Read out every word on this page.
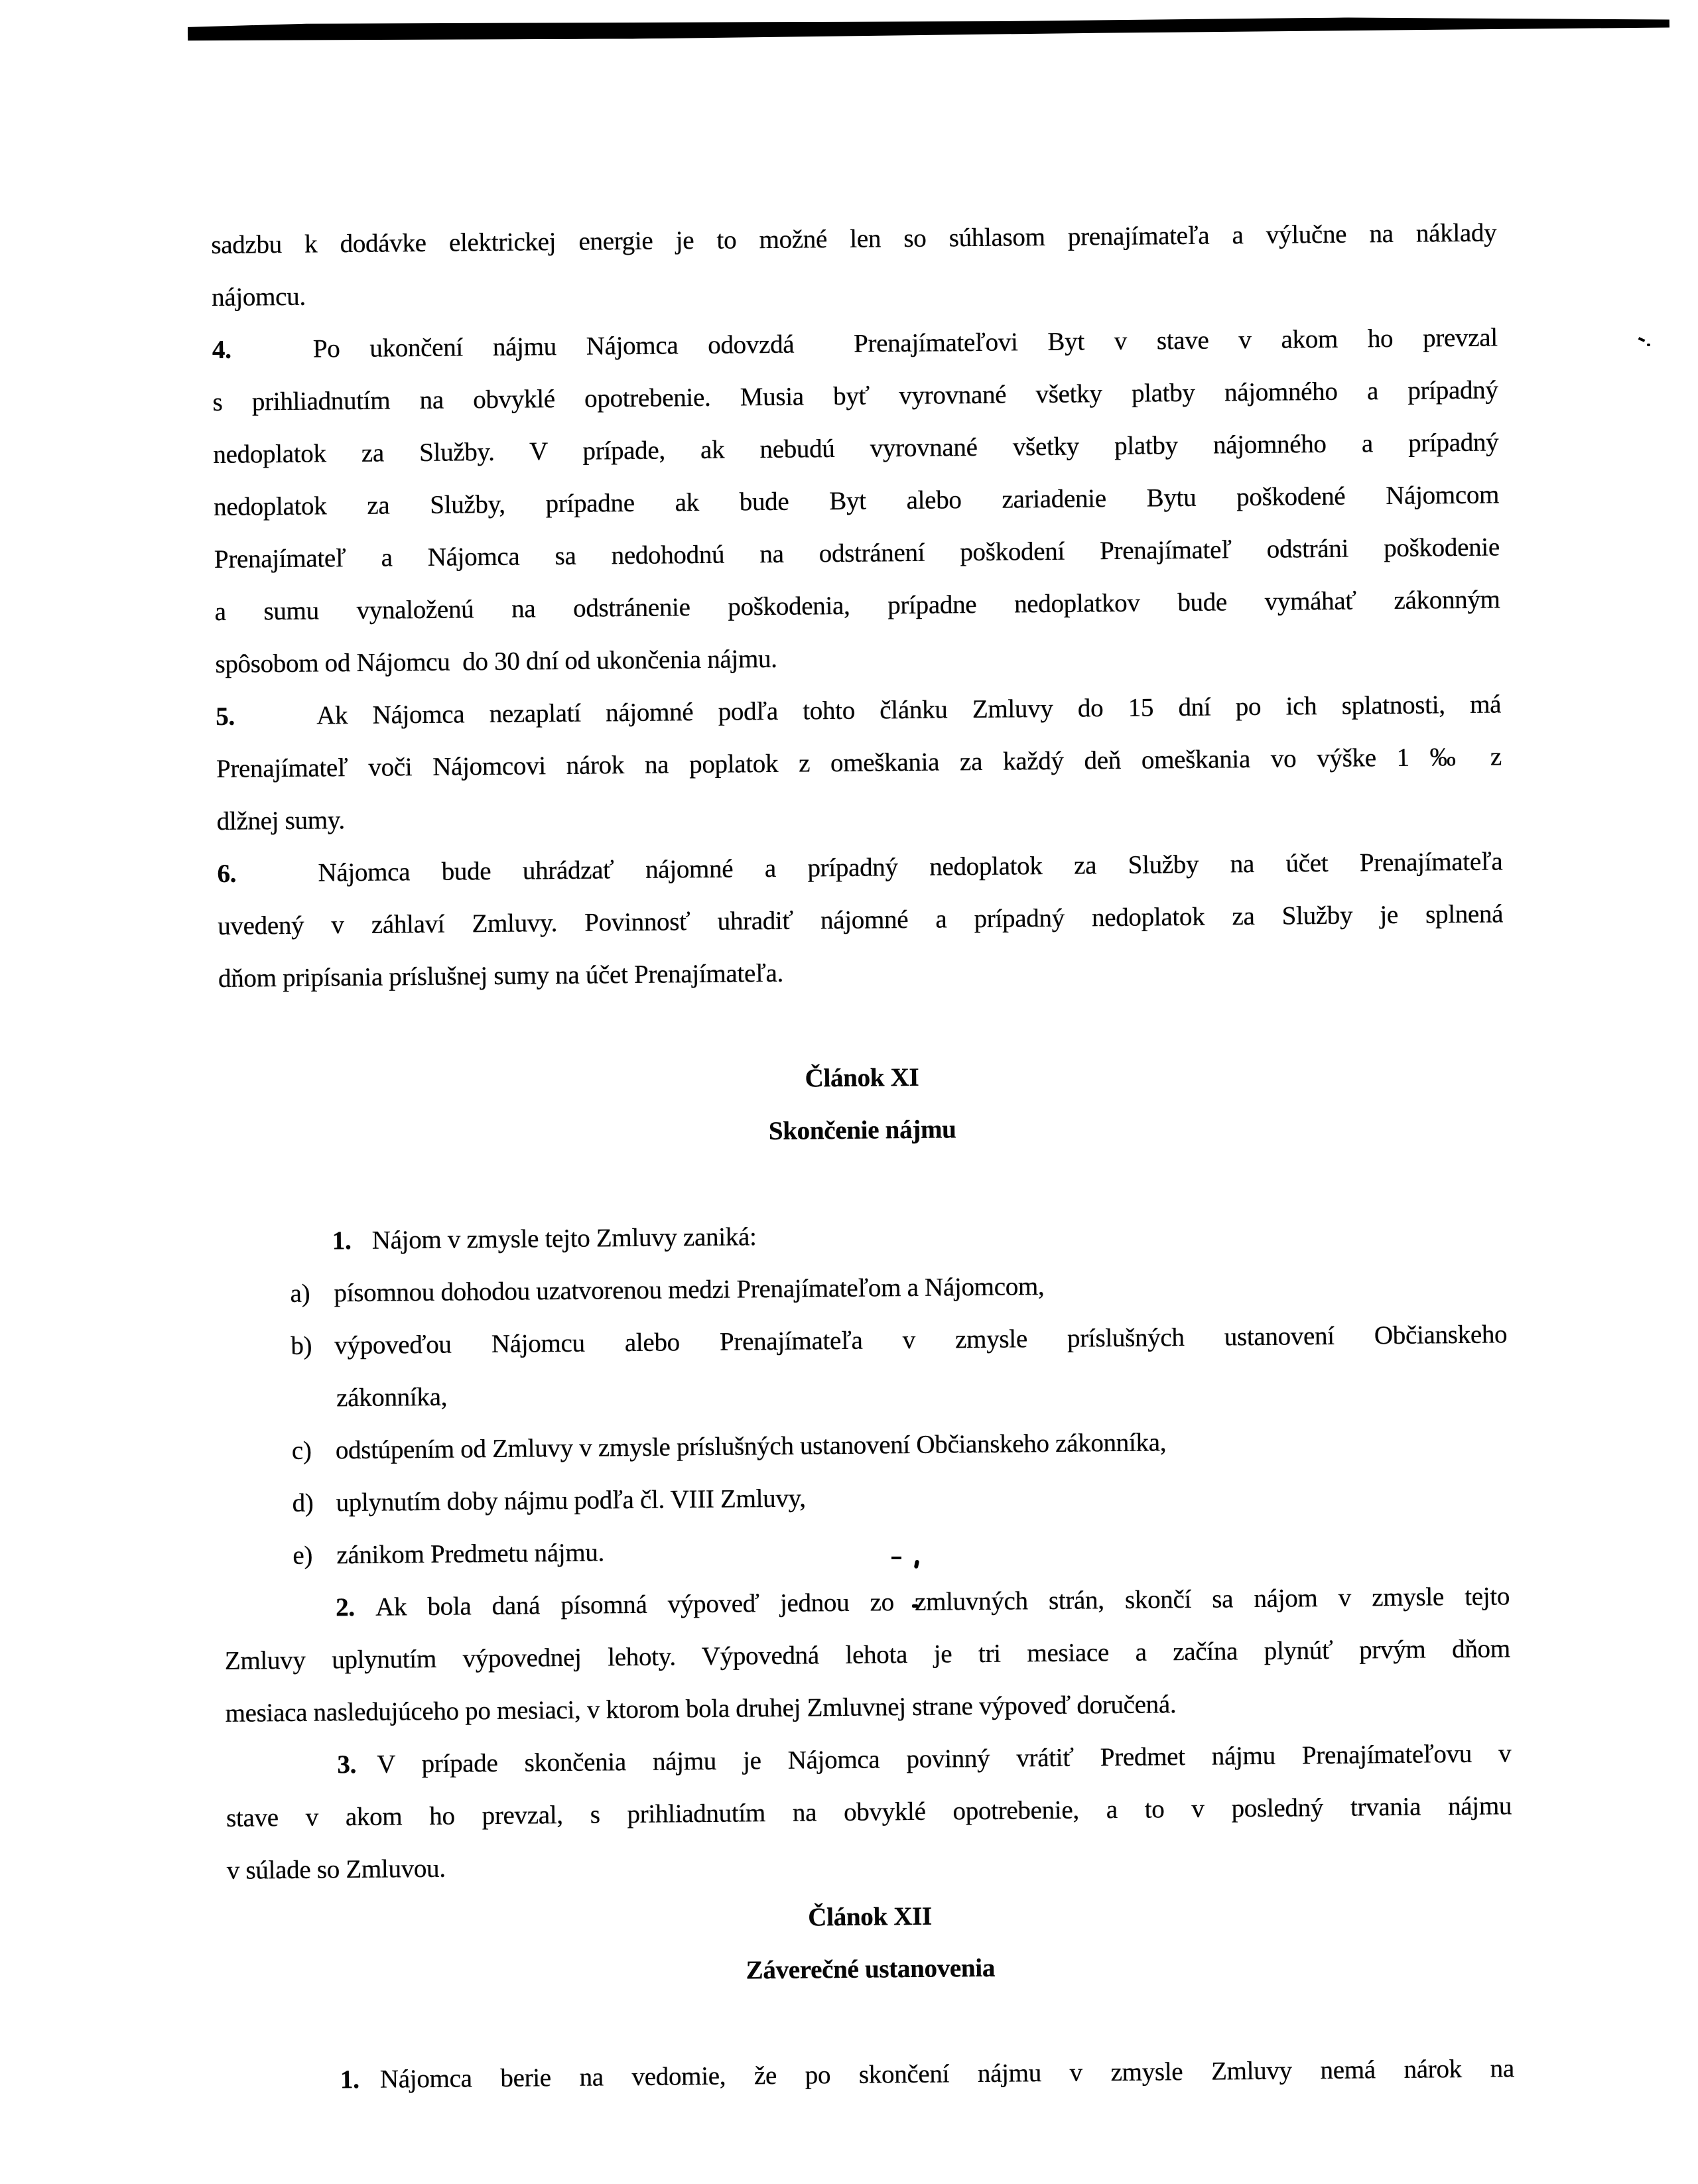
sadzbu k dodávke elektrickej energie je to možné len so súhlasom prenajímateľa a výlučne na náklady
nájomcu.
4.	Po ukončení nájmu Nájomca odovzdá  Prenajímateľovi Byt v stave v akom ho prevzal
s prihliadnutím na obvyklé opotrebenie. Musia byť vyrovnané všetky platby nájomného a prípadný
nedoplatok za Služby. V prípade, ak nebudú vyrovnané všetky platby nájomného a prípadný
nedoplatok za Služby, prípadne ak bude Byt alebo zariadenie Bytu poškodené Nájomcom
Prenajímateľ a Nájomca sa nedohodnú na odstránení poškodení Prenajímateľ odstráni poškodenie
a sumu vynaloženú na odstránenie poškodenia, prípadne nedoplatkov bude vymáhať zákonným
spôsobom od Nájomcu  do 30 dní od ukončenia nájmu.
5.	Ak Nájomca nezaplatí nájomné podľa tohto článku Zmluvy do 15 dní po ich splatnosti, má
Prenajímateľ voči Nájomcovi nárok na poplatok z omeškania za každý deň omeškania vo výške 1 ‰ z
dlžnej sumy.
6.	Nájomca bude uhrádzať nájomné a prípadný nedoplatok za Služby na účet Prenajímateľa
uvedený v záhlaví Zmluvy. Povinnosť uhradiť nájomné a prípadný nedoplatok za Služby je splnená
dňom pripísania príslušnej sumy na účet Prenajímateľa.
Článok XI
Skončenie nájmu
1. Nájom v zmysle tejto Zmluvy zaniká:
a) písomnou dohodou uzatvorenou medzi Prenajímateľom a Nájomcom,
b) výpoveďou Nájomcu alebo Prenajímateľa v zmysle príslušných ustanovení Občianskeho
zákonníka,
c) odstúpením od Zmluvy v zmysle príslušných ustanovení Občianskeho zákonníka,
d) uplynutím doby nájmu podľa čl. VIII Zmluvy,
e) zánikom Predmetu nájmu.
2. Ak bola daná písomná výpoveď jednou zo zmluvných strán, skončí sa nájom v zmysle tejto
Zmluvy uplynutím výpovednej lehoty. Výpovedná lehota je tri mesiace a začína plynúť prvým dňom
mesiaca nasledujúceho po mesiaci, v ktorom bola druhej Zmluvnej strane výpoveď doručená.
3. V prípade skončenia nájmu je Nájomca povinný vrátiť Predmet nájmu Prenajímateľovu v
stave v akom ho prevzal, s prihliadnutím na obvyklé opotrebenie, a to v posledný trvania nájmu
v súlade so Zmluvou.
Článok XII
Záverečné ustanovenia
1. Nájomca berie na vedomie, že po skončení nájmu v zmysle Zmluvy nemá nárok na
